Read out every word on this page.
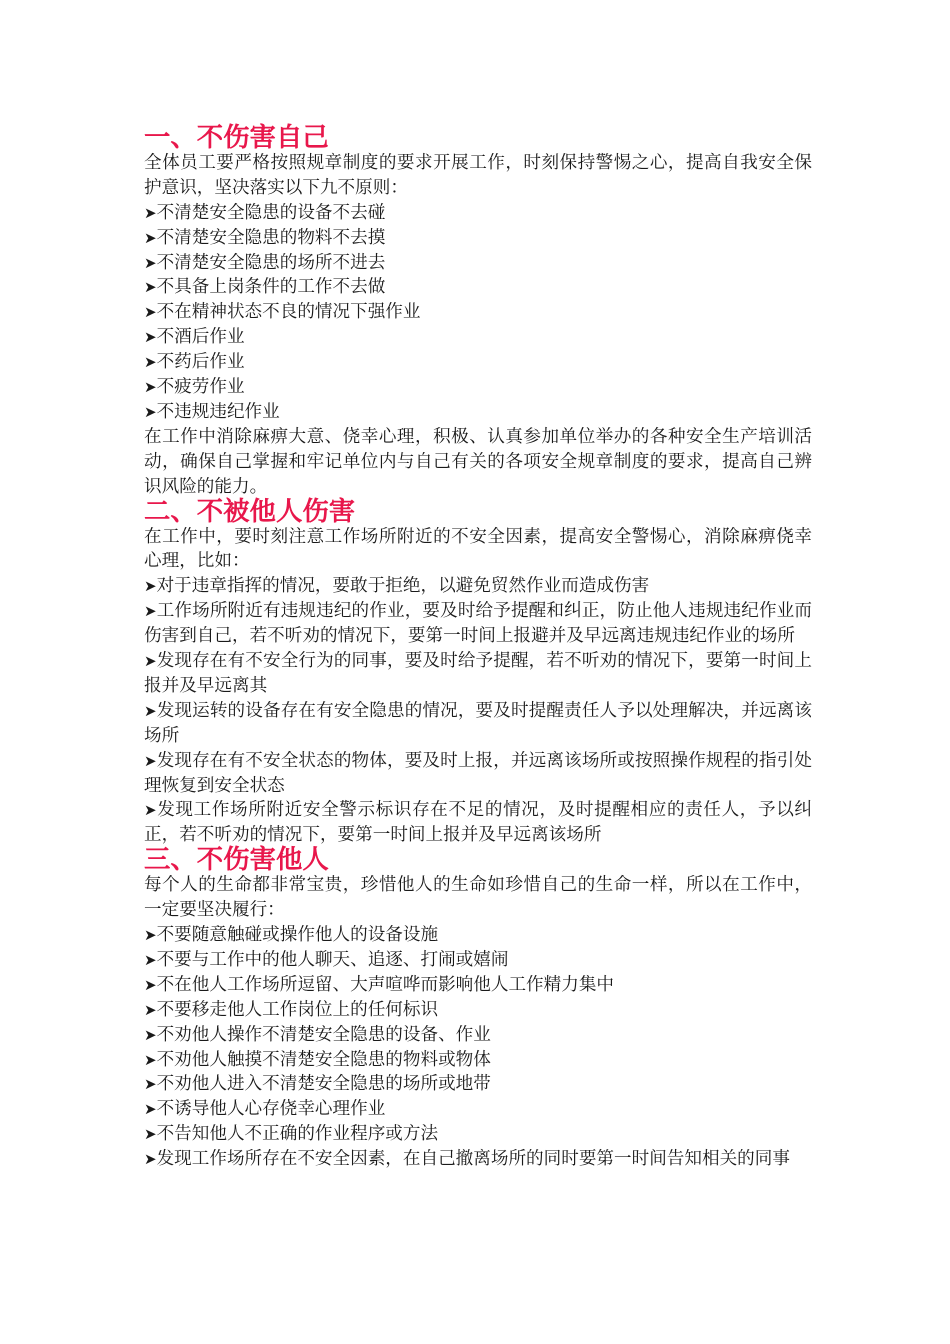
一、不伤害自己

全体员工要严格按照规章制度的要求开展工作，时刻保持警惕之心，提高自我安全保护意识，坚决落实以下九不原则：

➤不清楚安全隐患的设备不去碰

➤不清楚安全隐患的物料不去摸

➤不清楚安全隐患的场所不进去

➤不具备上岗条件的工作不去做

➤不在精神状态不良的情况下强作业

➤不酒后作业

➤不药后作业

➤不疲劳作业

➤不违规违纪作业

在工作中消除麻痹大意、侥幸心理，积极、认真参加单位举办的各种安全生产培训活动，确保自己掌握和牢记单位内与自己有关的各项安全规章制度的要求，提高自己辨识风险的能力。

二、不被他人伤害

在工作中，要时刻注意工作场所附近的不安全因素，提高安全警惕心，消除麻痹侥幸心理，比如：

➤对于违章指挥的情况，要敢于拒绝，以避免贸然作业而造成伤害

➤工作场所附近有违规违纪的作业，要及时给予提醒和纠正，防止他人违规违纪作业而伤害到自己，若不听劝的情况下，要第一时间上报避并及早远离违规违纪作业的场所

➤发现存在有不安全行为的同事，要及时给予提醒，若不听劝的情况下，要第一时间上报并及早远离其

➤发现运转的设备存在有安全隐患的情况，要及时提醒责任人予以处理解决，并远离该场所

➤发现存在有不安全状态的物体，要及时上报，并远离该场所或按照操作规程的指引处理恢复到安全状态

➤发现工作场所附近安全警示标识存在不足的情况，及时提醒相应的责任人，予以纠正，若不听劝的情况下，要第一时间上报并及早远离该场所

三、不伤害他人

每个人的生命都非常宝贵，珍惜他人的生命如珍惜自己的生命一样，所以在工作中，一定要坚决履行：

➤不要随意触碰或操作他人的设备设施

➤不要与工作中的他人聊天、追逐、打闹或嬉闹

➤不在他人工作场所逗留、大声喧哗而影响他人工作精力集中

➤不要移走他人工作岗位上的任何标识

➤不劝他人操作不清楚安全隐患的设备、作业

➤不劝他人触摸不清楚安全隐患的物料或物体

➤不劝他人进入不清楚安全隐患的场所或地带

➤不诱导他人心存侥幸心理作业

➤不告知他人不正确的作业程序或方法

➤发现工作场所存在不安全因素，在自己撤离场所的同时要第一时间告知相关的同事
